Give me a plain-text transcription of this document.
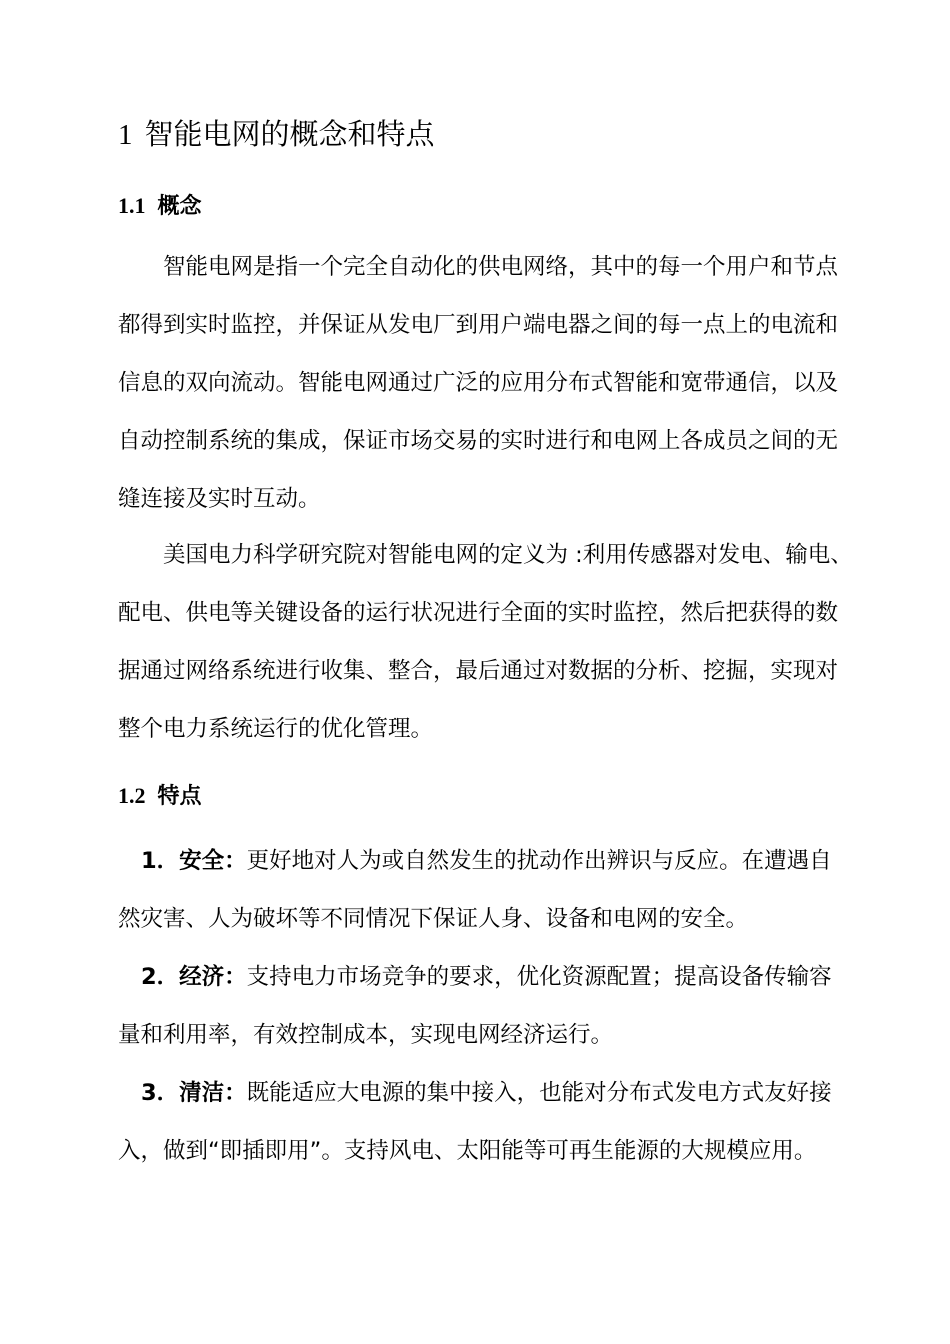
1 智能电网的概念和特点
1.1 概念
智能电网是指一个完全自动化的供电网络，其中的每一个用户和节点
都得到实时监控，并保证从发电厂到用户端电器之间的每一点上的电流和
信息的双向流动。智能电网通过广泛的应用分布式智能和宽带通信，以及
自动控制系统的集成，保证市场交易的实时进行和电网上各成员之间的无
缝连接及实时互动。
美国电力科学研究院对智能电网的定义为 :利用传感器对发电、输电、
配电、供电等关键设备的运行状况进行全面的实时监控，然后把获得的数
据通过网络系统进行收集、整合，最后通过对数据的分析、挖掘，实现对
整个电力系统运行的优化管理。
1.2 特点
1．安全：更好地对人为或自然发生的扰动作出辨识与反应。在遭遇自
然灾害、人为破坏等不同情况下保证人身、设备和电网的安全。
2．经济：支持电力市场竞争的要求，优化资源配置；提高设备传输容
量和利用率，有效控制成本，实现电网经济运行。
3．清洁：既能适应大电源的集中接入，也能对分布式发电方式友好接
入，做到“即插即用”。支持风电、太阳能等可再生能源的大规模应用。
